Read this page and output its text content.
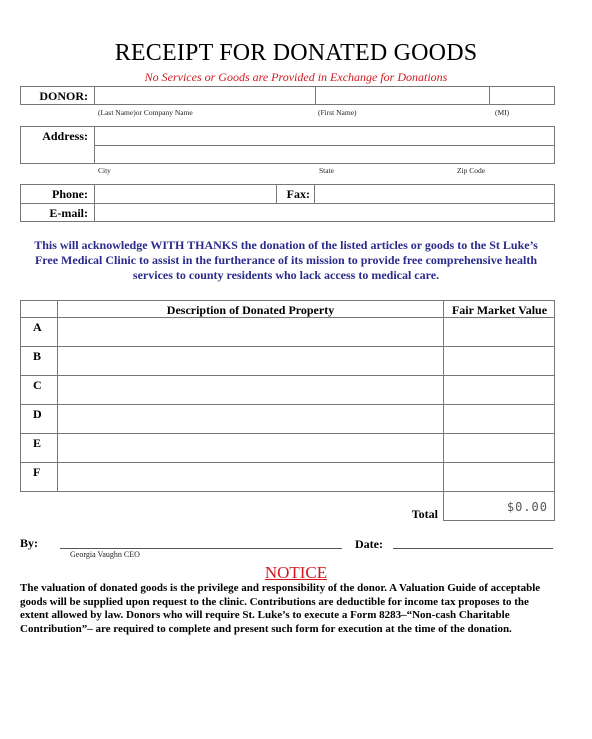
RECEIPT FOR DONATED GOODS
No Services or Goods are Provided in Exchange for Donations
DONOR:
(Last Name)or Company Name	(First Name)	(MI)
Address:
City	State	Zip Code
Phone:	Fax:
E-mail:
This will acknowledge WITH THANKS the donation of the listed articles or goods to the St Luke’s
Free Medical Clinic to assist in the furtherance of its mission to provide free comprehensive health
services to county residents who lack access to medical care.
Description of Donated Property	Fair Market Value
A
B
C
D
E
F
Total	$0.00
By:
Georgia Vaughn CEO
Date:
NOTICE
The valuation of donated goods is the privilege and responsibility of the donor. A Valuation Guide of acceptable
goods will be supplied upon request to the clinic. Contributions are deductible for income tax proposes to the
extent allowed by law. Donors who will require St. Luke’s to execute a Form 8283–“Non-cash Charitable
Contribution”– are required to complete and present such form for execution at the time of the donation.
